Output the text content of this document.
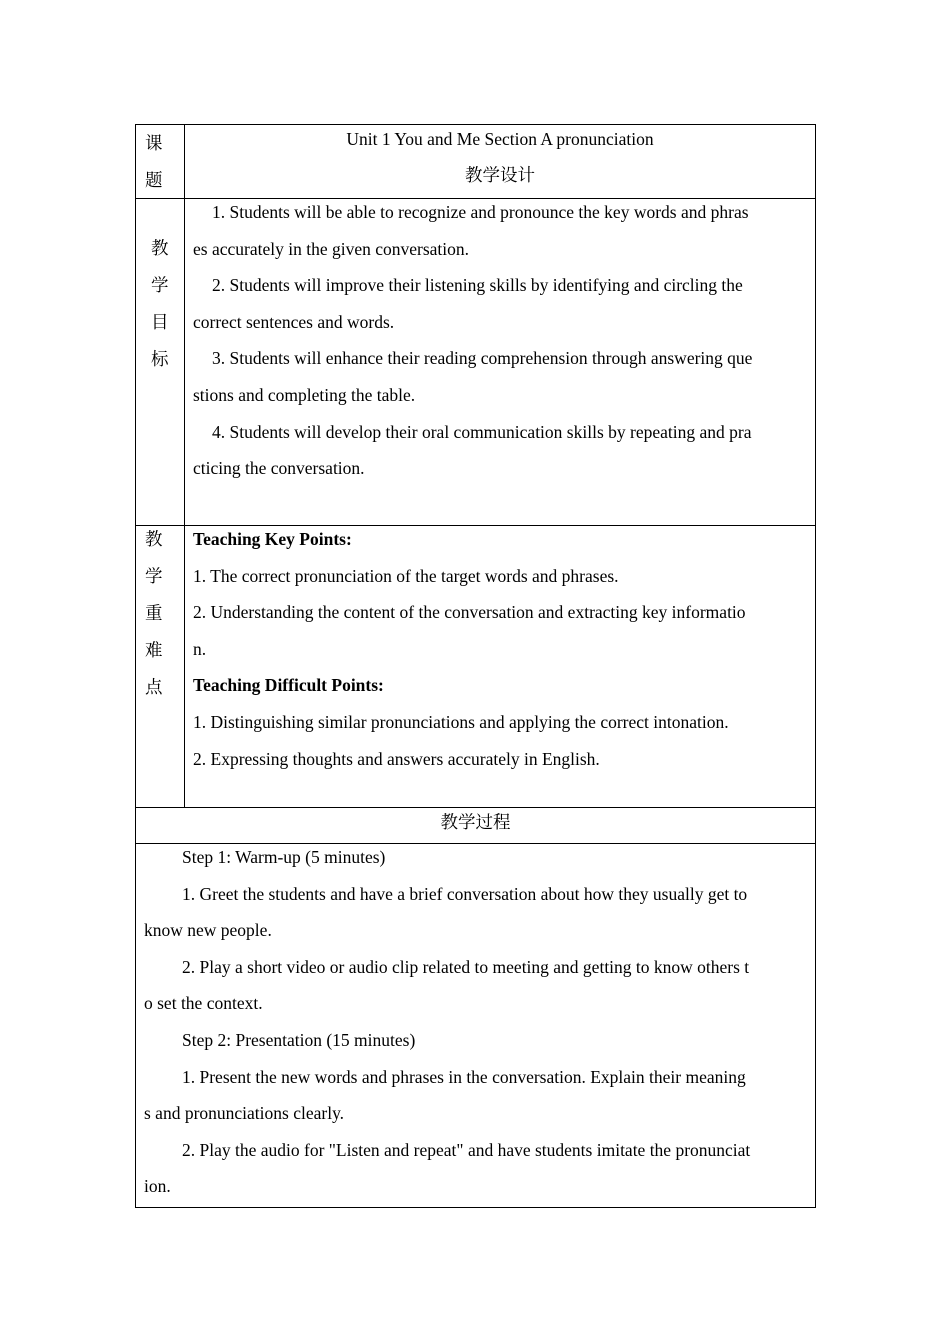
课
题
Unit 1 You and Me Section A pronunciation
教学设计
教
学
目
标
1. Students will be able to recognize and pronounce the key words and phras
es accurately in the given conversation.
2. Students will improve their listening skills by identifying and circling the
correct sentences and words.
3. Students will enhance their reading comprehension through answering que
stions and completing the table.
4. Students will develop their oral communication skills by repeating and pra
cticing the conversation.
教
学
重
难
点
Teaching Key Points:
1. The correct pronunciation of the target words and phrases.
2. Understanding the content of the conversation and extracting key informatio
n.
Teaching Difficult Points:
1. Distinguishing similar pronunciations and applying the correct intonation.
2. Expressing thoughts and answers accurately in English.
教学过程
Step 1: Warm-up (5 minutes)
1. Greet the students and have a brief conversation about how they usually get to
know new people.
2. Play a short video or audio clip related to meeting and getting to know others t
o set the context.
Step 2: Presentation (15 minutes)
1. Present the new words and phrases in the conversation. Explain their meaning
s and pronunciations clearly.
2. Play the audio for "Listen and repeat" and have students imitate the pronunciat
ion.
